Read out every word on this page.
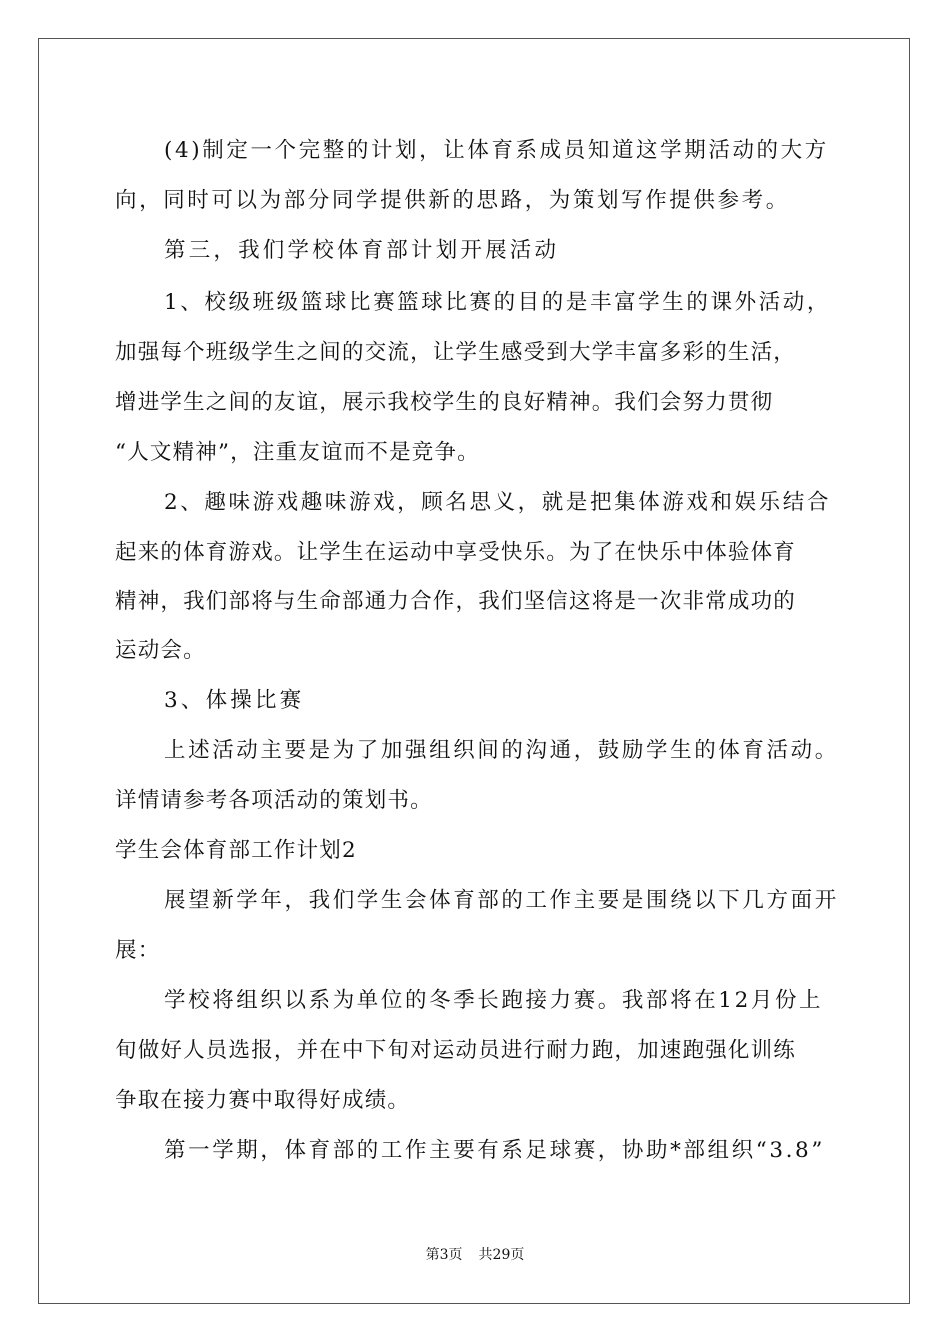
(4)制定一个完整的计划，让体育系成员知道这学期活动的大方
向，同时可以为部分同学提供新的思路，为策划写作提供参考。
第三，我们学校体育部计划开展活动
1、校级班级篮球比赛篮球比赛的目的是丰富学生的课外活动，
加强每个班级学生之间的交流，让学生感受到大学丰富多彩的生活，
增进学生之间的友谊，展示我校学生的良好精神。我们会努力贯彻
“人文精神”，注重友谊而不是竞争。
2、趣味游戏趣味游戏，顾名思义，就是把集体游戏和娱乐结合
起来的体育游戏。让学生在运动中享受快乐。为了在快乐中体验体育
精神，我们部将与生命部通力合作，我们坚信这将是一次非常成功的
运动会。
3、体操比赛
上述活动主要是为了加强组织间的沟通，鼓励学生的体育活动。
详情请参考各项活动的策划书。
学生会体育部工作计划2
展望新学年，我们学生会体育部的工作主要是围绕以下几方面开
展：
学校将组织以系为单位的冬季长跑接力赛。我部将在12月份上
旬做好人员选报，并在中下旬对运动员进行耐力跑，加速跑强化训练
争取在接力赛中取得好成绩。
第一学期，体育部的工作主要有系足球赛，协助*部组织“3.8”
第3页 共29页
